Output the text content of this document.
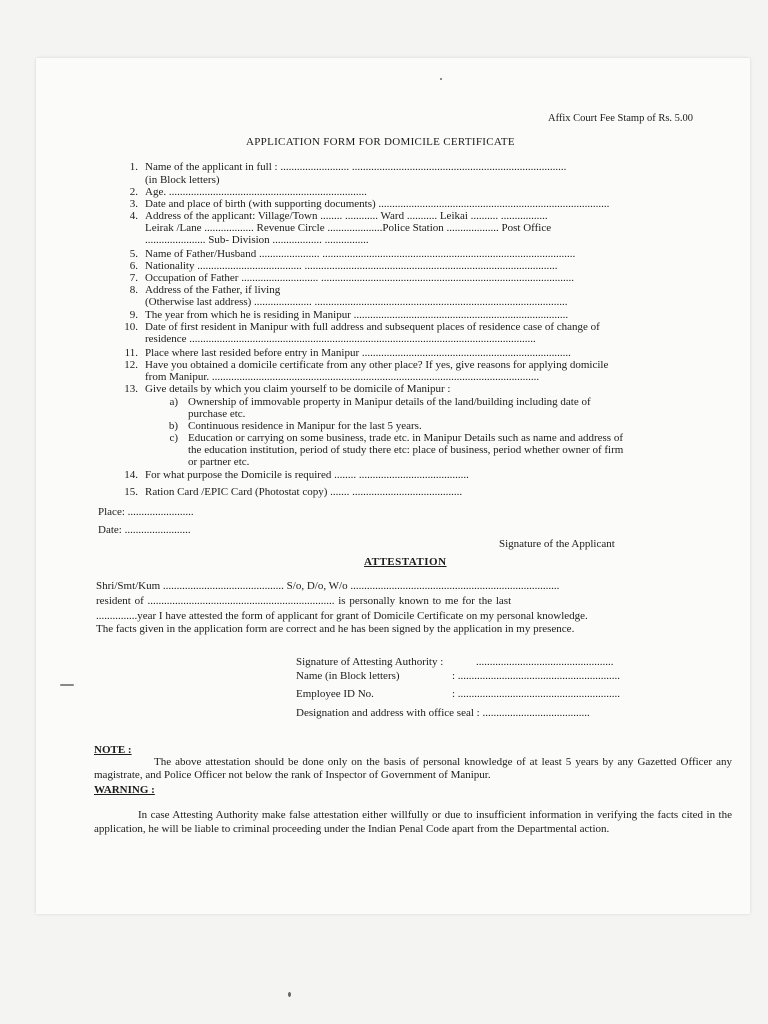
Affix Court Fee Stamp of Rs. 5.00
APPLICATION FORM FOR DOMICILE CERTIFICATE
1. Name of the applicant in full : ......................... ..............................................................................
(in Block letters)
2. Age. ........................................................................
3. Date and place of birth (with supporting documents) ....................................................................................
4. Address of the applicant: Village/Town ........ ............ Ward ........... Leikai .......... .................
Leirak /Lane .................. Revenue Circle ....................Police Station ................... Post Office
...................... Sub- Division .................. ................
5. Name of Father/Husband ...................... ............................................................................................
6. Nationality ...................................... ............................................................................................
7. Occupation of Father ............................ ............................................................................................
8. Address of the Father, if living
(Otherwise last address) ..................... ............................................................................................
9. The year from which he is residing in Manipur ..............................................................................
10. Date of first resident in Manipur with full address and subsequent places of residence case of change of
residence ..............................................................................................................................
11. Place where last resided before entry in Manipur ............................................................................
12. Have you obtained a domicile certificate from any other place? If yes, give reasons for applying domicile
from Manipur. .......................................................................................................................
13. Give details by which you claim yourself to be domicile of Manipur :
a) Ownership of immovable property in Manipur details of the land/building including date of
purchase etc.
b) Continuous residence in Manipur for the last 5 years.
c) Education or carrying on some business, trade etc. in Manipur Details such as name and address of
the education institution, period of study there etc: place of business, period whether owner of firm
or partner etc.
14. For what purpose the Domicile is required ........ ........................................
15. Ration Card /EPIC Card (Photostat copy) ....... ........................................
Place: ........................
Date: ........................
Signature of the Applicant
ATTESTATION
Shri/Smt/Kum ............................................ S/o, D/o, W/o ............................................................................
resident of .................................................................... is personally known to me for the last
...............year I have attested the form of applicant for grant of Domicile Certificate on my personal knowledge.
The facts given in the application form are correct and he has been signed by the application in my presence.
Signature of Attesting Authority :	..................................................
Name (in Block letters)	: ...........................................................
Employee ID No.	: ...........................................................
Designation and address with office seal : .......................................
NOTE :
The above attestation should be done only on the basis of personal knowledge of at least 5 years by any Gazetted Officer any magistrate, and Police Officer not below the rank of Inspector of Government of Manipur.
WARNING :
In case Attesting Authority make false attestation either willfully or due to insufficient information in verifying the facts cited in the application, he will be liable to criminal proceeding under the Indian Penal Code apart from the Departmental action.
